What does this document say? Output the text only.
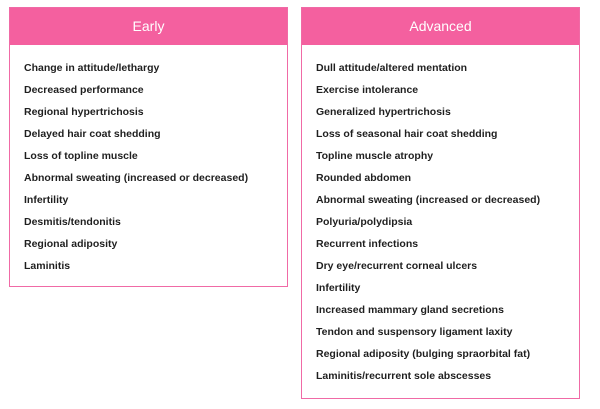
Early
Change in attitude/lethargy
Decreased performance
Regional hypertrichosis
Delayed hair coat shedding
Loss of topline muscle
Abnormal sweating (increased or decreased)
Infertility
Desmitis/tendonitis
Regional adiposity
Laminitis
Advanced
Dull attitude/altered mentation
Exercise intolerance
Generalized hypertrichosis
Loss of seasonal hair coat shedding
Topline muscle atrophy
Rounded abdomen
Abnormal sweating (increased or decreased)
Polyuria/polydipsia
Recurrent infections
Dry eye/recurrent corneal ulcers
Infertility
Increased mammary gland secretions
Tendon and suspensory ligament laxity
Regional adiposity (bulging spraorbital fat)
Laminitis/recurrent sole abscesses
